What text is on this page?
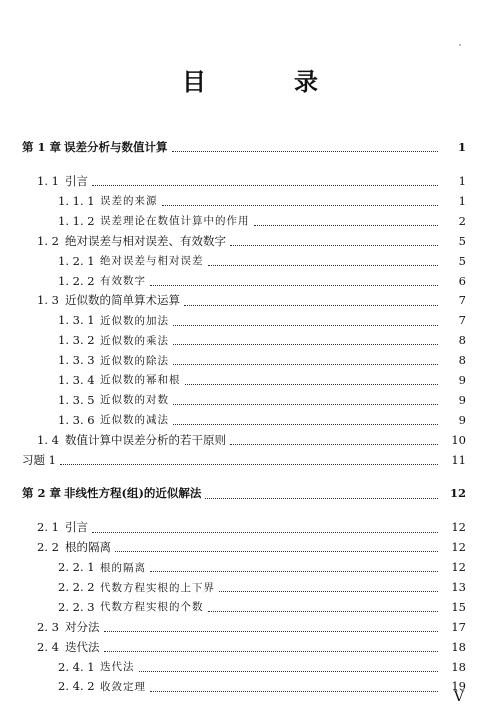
目　录
第 1 章 误差分析与数值计算	1
1. 1 引言	1
1. 1. 1 误差的来源	1
1. 1. 2 误差理论在数值计算中的作用	2
1. 2 绝对误差与相对误差、有效数字	5
1. 2. 1 绝对误差与相对误差	5
1. 2. 2 有效数字	6
1. 3 近似数的简单算术运算	7
1. 3. 1 近似数的加法	7
1. 3. 2 近似数的乘法	8
1. 3. 3 近似数的除法	8
1. 3. 4 近似数的幂和根	9
1. 3. 5 近似数的对数	9
1. 3. 6 近似数的减法	9
1. 4 数值计算中误差分析的若干原则	10
习题 1	11
第 2 章 非线性方程(组)的近似解法	12
2. 1 引言	12
2. 2 根的隔离	12
2. 2. 1 根的隔离	12
2. 2. 2 代数方程实根的上下界	13
2. 2. 3 代数方程实根的个数	15
2. 3 对分法	17
2. 4 迭代法	18
2. 4. 1 迭代法	18
2. 4. 2 收敛定理	19
V
